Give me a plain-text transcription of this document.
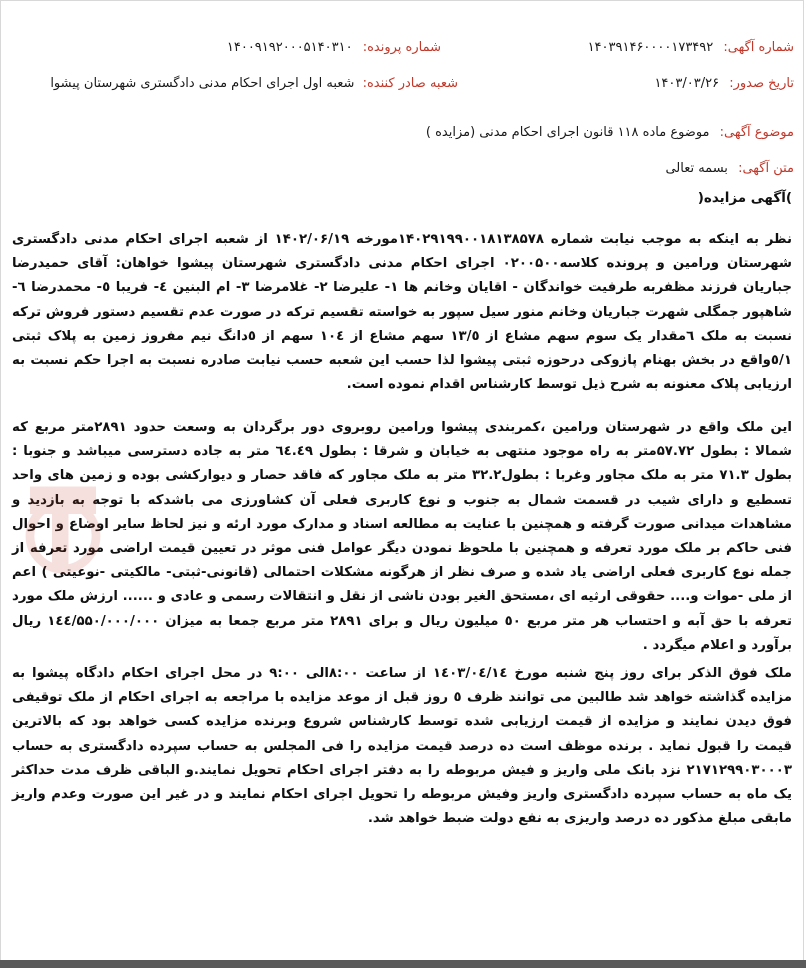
شماره آگهی: ۱۴۰۳۹۱۴۶۰۰۰۰۱۷۳۴۹۲
شماره پرونده: ۱۴۰۰۹۱۹۲۰۰۰۵۱۴۰۳۱۰
تاریخ صدور: ۱۴۰۳/۰۳/۲۶
شعبه صادر کننده: شعبه اول اجرای احکام مدنی دادگستری شهرستان پیشوا
موضوع آگهی: موضوع ماده ۱۱۸ قانون اجرای احکام مدنی (مزایده )
متن آگهی: بسمه تعالی
)آگهی مزایده(

نظر به اینکه به موجب نیابت شماره ۱۴۰۲۹۱۹۹۰۰۱۸۱۳۸۵۷۸مورخه ۱۴۰۲/۰۶/۱۹ از شعبه اجرای احکام مدنی دادگستری شهرستان ورامین و پرونده کلاسه۰۲۰۰۵۰۰ اجرای احکام مدنی دادگستری شهرستان پیشوا خواهان: آقای حمیدرضا جباریان فرزند مظفربه طرفیت خواندگان - اقایان وخانم ها ۱- علیرضا ۲- غلامرضا ۳- ام البنین ٤- فریبا ٥- محمدرضا ٦- شاهپور جمگلی شهرت جباریان وخانم منور سیل سپور به خواسته تقسیم ترکه در صورت عدم تقسیم دستور فروش ترکه نسبت به ملک ٦مقدار یک سوم سهم مشاع از ۱۳/٥ سهم مشاع از ۱۰٤ سهم از ٥دانگ نیم مفروز زمین به پلاک ثبتی ٥/۱واقع در بخش بهنام پازوکی درحوزه ثبتی پیشوا لذا حسب این شعبه حسب نیابت صادره نسبت به اجرا حکم نسبت به ارزیابی پلاک معنونه به شرح ذیل توسط کارشناس اقدام نموده است.

این ملک واقع در شهرستان ورامین ،کمربندی پیشوا ورامین روبروی دور برگردان به وسعت حدود ۲۸۹۱متر مربع که شمالا : بطول ۵۷.۷۲متر به راه موجود منتهی به خیابان و شرقا : بطول ٦٤.٤٩ متر به جاده دسترسی میباشد و جنوبا : بطول ۷۱.۳ متر به ملک مجاور وغربا : بطول۳۲.۲ متر به ملک مجاور که فاقد حصار و دیوارکشی بوده و زمین های واحد تسطیع و دارای شیب در قسمت شمال به جنوب و نوع کاربری فعلی آن کشاورزی می باشدکه با توجه به بازدید و مشاهدات میدانی صورت گرفته و همچنین با عنایت به مطالعه اسناد و مدارک مورد ارئه و نیز لحاظ سایر اوضاع و احوال فنی حاکم بر ملک مورد تعرفه و همچنین با ملحوظ نمودن دیگر عوامل فنی موثر در تعیین قیمت اراضی مورد تعرفه از جمله نوع کاربری فعلی اراضی یاد شده و صرف نظر از هرگونه مشکلات احتمالی (قانونی-ثبتی- مالکیتی -نوعیتی ) اعم از ملی -موات و.... حقوقی ارثیه ای ،مستحق الغیر بودن ناشی از نقل و انتقالات رسمی و عادی و ...... ارزش ملک مورد تعرفه با حق آبه و احتساب هر متر مربع ٥۰ میلیون ریال و برای ۲۸۹۱ متر مربع جمعا به میزان ۱٤٤/۵۵۰/۰۰۰/۰۰۰ ریال برآورد و اعلام میگردد .

ملک فوق الذکر برای روز پنج شنبه مورخ ۱٤۰۳/۰٤/۱٤ از ساعت ۸:۰۰الی ۹:۰۰ در محل اجرای احکام دادگاه پیشوا به مزایده گذاشته خواهد شد طالبین می توانند ظرف ٥ روز قبل از موعد مزایده با مراجعه به اجرای احکام از ملک توقیفی فوق دیدن نمایند و مزایده از قیمت ارزیابی شده توسط کارشناس شروع وبرنده مزایده کسی خواهد بود که بالاترین قیمت را قبول نماید . برنده موظف است ده درصد قیمت مزایده را فی المجلس به حساب سپرده دادگستری به حساب ۲۱۷۱۲۹۹۰۳۰۰۰۳ نزد بانک ملی واریز و فیش مربوطه را به دفتر اجرای احکام تحویل نمایند.و الباقی ظرف مدت حداکثر یک ماه به حساب سپرده دادگستری واریز وفیش مربوطه را تحویل اجرای احکام نمایند و در غیر این صورت وعدم واریز مابقی مبلغ مذکور ده درصد واریزی به نفع دولت ضبط خواهد شد.
